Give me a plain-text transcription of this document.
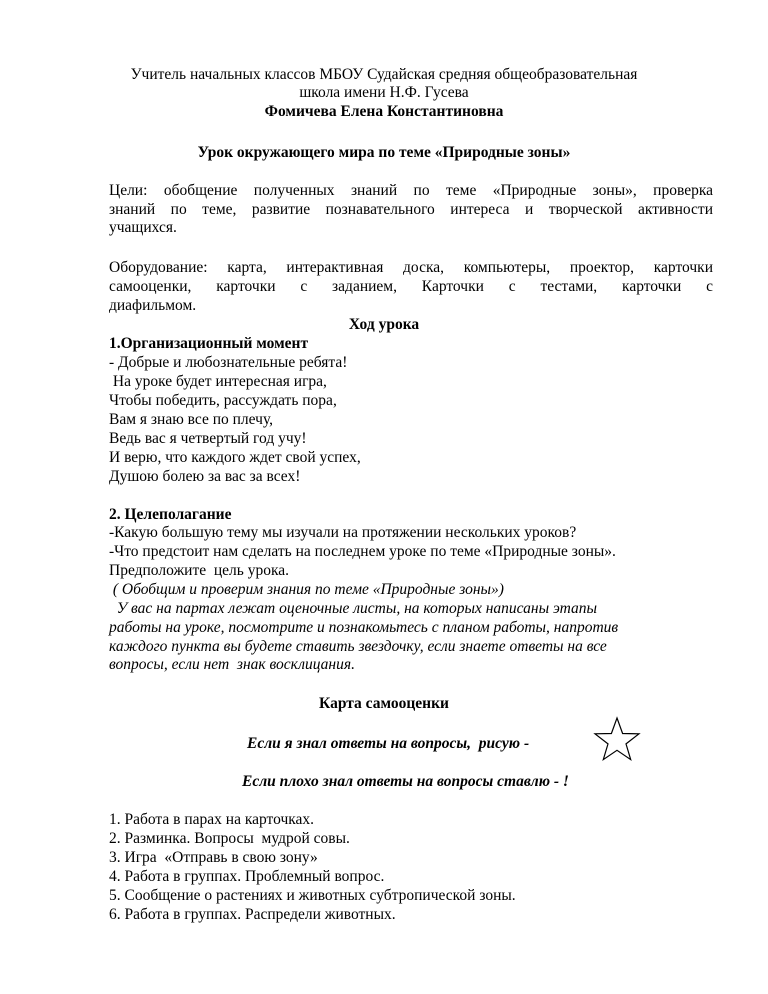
Учитель начальных классов МБОУ Судайская средняя общеобразовательная
школа имени Н.Ф. Гусева
Фомичева Елена Константиновна
Урок окружающего мира по теме «Природные зоны»
Цели: обобщение полученных знаний по теме «Природные зоны», проверка
знаний по теме, развитие познавательного интереса и творческой активности
учащихся.
Оборудование: карта, интерактивная доска, компьютеры, проектор, карточки
самооценки, карточки с заданием, Карточки с тестами, карточки с
диафильмом.
Ход урока
1.Организационный момент
- Добрые и любознательные ребята!
На уроке будет интересная игра,
Чтобы победить, рассуждать пора,
Вам я знаю все по плечу,
Ведь вас я четвертый год учу!
И верю, что каждого ждет свой успех,
Душою болею за вас за всех!
2. Целеполагание
-Какую большую тему мы изучали на протяжении нескольких уроков?
-Что предстоит нам сделать на последнем уроке по теме «Природные зоны».
Предположите  цель урока.
( Обобщим и проверим знания по теме «Природные зоны»)
У вас на партах лежат оценочные листы, на которых написаны этапы
работы на уроке, посмотрите и познакомьтесь с планом работы, напротив
каждого пункта вы будете ставить звездочку, если знаете ответы на все
вопросы, если нет  знак восклицания.
Карта самооценки
Если я знал ответы на вопросы,  рисую -
Если плохо знал ответы на вопросы ставлю - !
1. Работа в парах на карточках.
2. Разминка. Вопросы  мудрой совы.
3. Игра  «Отправь в свою зону»
4. Работа в группах. Проблемный вопрос.
5. Сообщение о растениях и животных субтропической зоны.
6. Работа в группах. Распредели животных.
